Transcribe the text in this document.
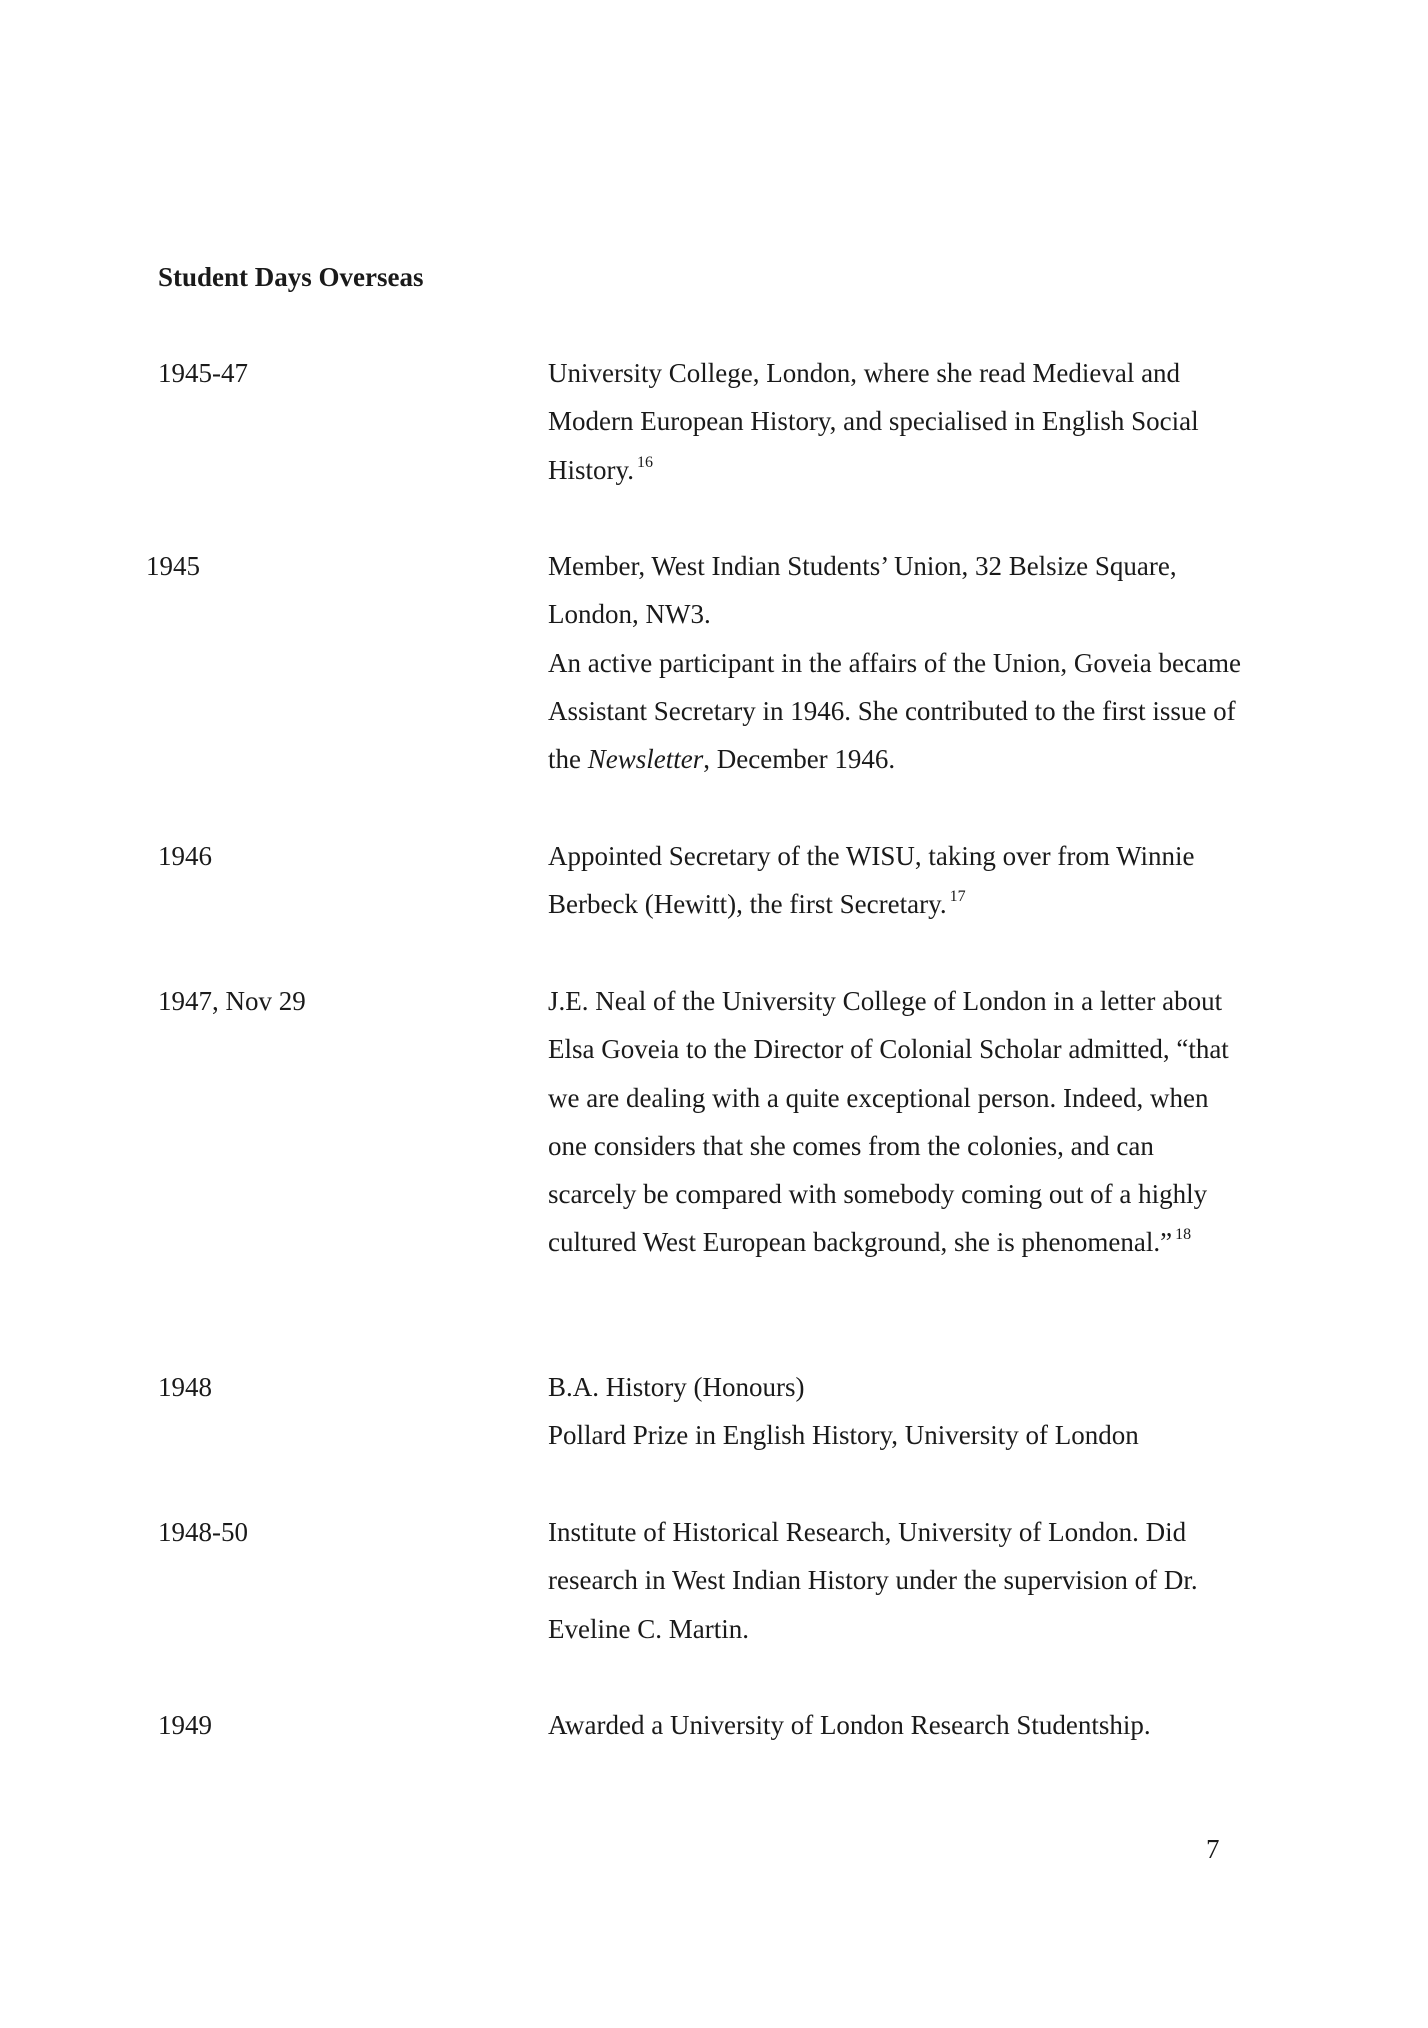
Student Days Overseas
1945-47	University College, London, where she read Medieval and Modern European History, and specialised in English Social History. $^{16}$

1945	Member, West Indian Students’ Union, 32 Belsize Square, London, NW3.

An active participant in the affairs of the Union, Goveia became Assistant Secretary in 1946. She contributed to the first issue of the Newsletter, December 1946.

1946	Appointed Secretary of the WISU, taking over from Winnie Berbeck (Hewitt), the first Secretary. $^{17}$

1947, Nov 29	J.E. Neal of the University College of London in a letter about Elsa Goveia to the Director of Colonial Scholar admitted, “that we are dealing with a quite exceptional person. Indeed, when one considers that she comes from the colonies, and can scarcely be compared with somebody coming out of a highly cultured West European background, she is phenomenal.” $^{18}$

1948	B.A. History (Honours)

Pollard Prize in English History, University of London

1948-50	Institute of Historical Research, University of London. Did research in West Indian History under the supervision of Dr. Eveline C. Martin.

1949	Awarded a University of London Research Studentship.

7
